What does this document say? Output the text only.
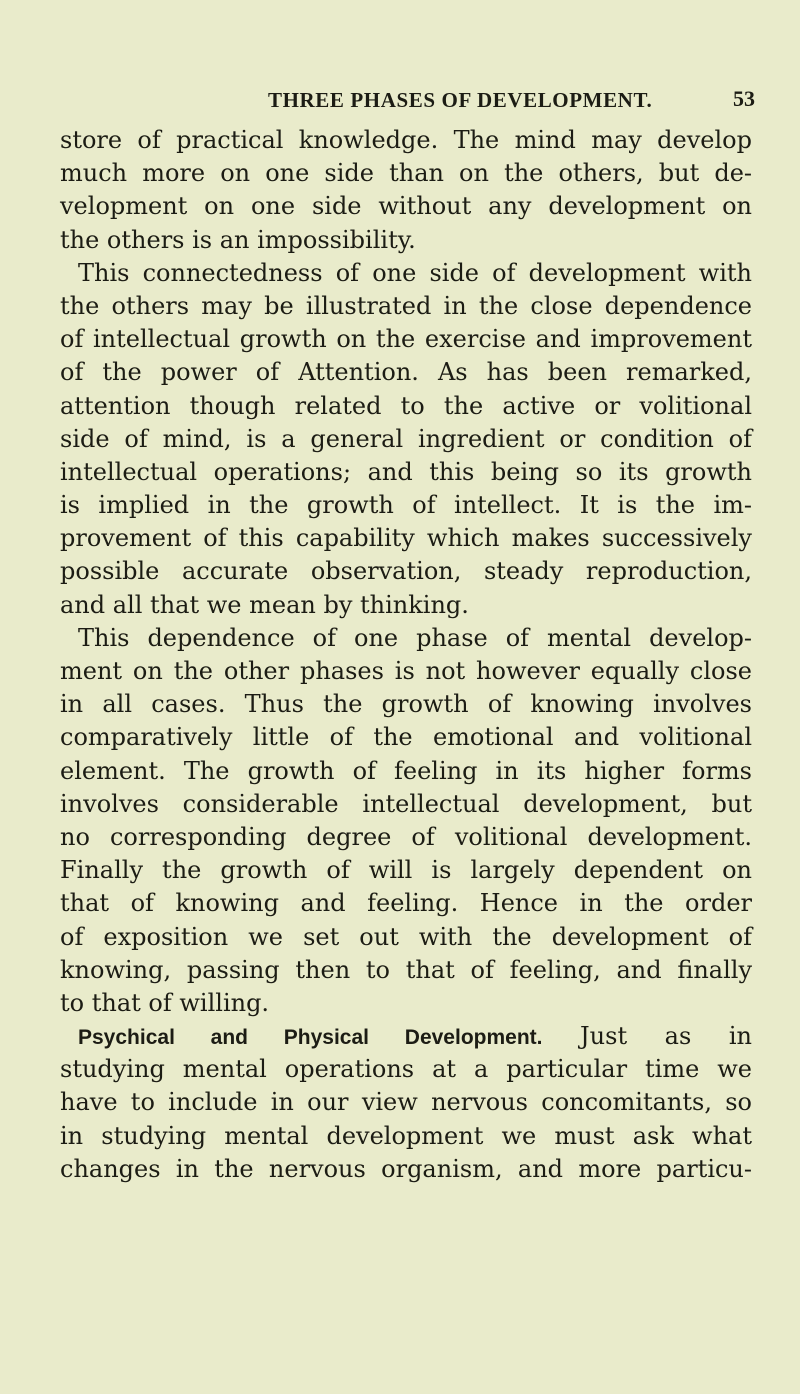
THREE PHASES OF DEVELOPMENT.	53
store of practical knowledge. The mind may develop
much more on one side than on the others, but de-
velopment on one side without any development on
the others is an impossibility.
This connectedness of one side of development with
the others may be illustrated in the close dependence
of intellectual growth on the exercise and improvement
of the power of Attention. As has been remarked,
attention though related to the active or volitional
side of mind, is a general ingredient or condition of
intellectual operations; and this being so its growth
is implied in the growth of intellect. It is the im-
provement of this capability which makes successively
possible accurate observation, steady reproduction,
and all that we mean by thinking.
This dependence of one phase of mental develop-
ment on the other phases is not however equally close
in all cases. Thus the growth of knowing involves
comparatively little of the emotional and volitional
element. The growth of feeling in its higher forms
involves considerable intellectual development, but
no corresponding degree of volitional development.
Finally the growth of will is largely dependent on
that of knowing and feeling. Hence in the order
of exposition we set out with the development of
knowing, passing then to that of feeling, and finally
to that of willing.
Psychical and Physical Development. Just as in
studying mental operations at a particular time we
have to include in our view nervous concomitants, so
in studying mental development we must ask what
changes in the nervous organism, and more particu-
